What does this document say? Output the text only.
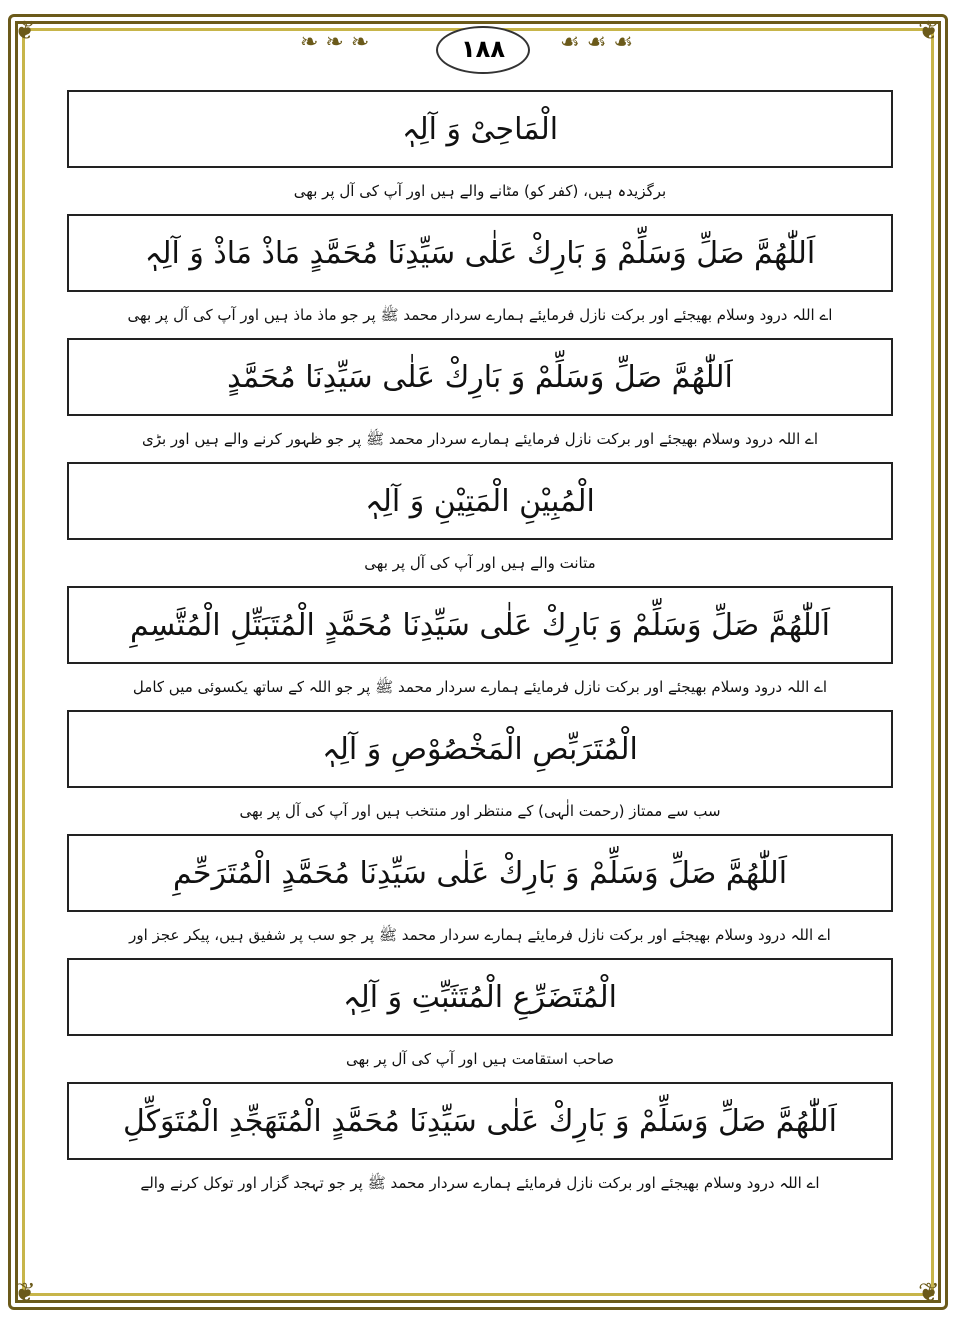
❦	❦
❦	❦
❧ ❧ ❧	☙ ☙ ☙
۱۸۸
الْمَاحِیْ وَ آلِہٖ
برگزیدہ ہیں، (کفر کو) مٹانے والے ہیں اور آپ کی آل پر بھی
اَللّٰھُمَّ صَلِّ وَسَلِّمْ وَ بَارِكْ عَلٰی سَیِّدِنَا مُحَمَّدٍ مَاذْ مَاذْ وَ آلِہٖ
اے اللہ درود وسلام بھیجئے اور برکت نازل فرمایئے ہمارے سردار محمد ﷺ پر جو ماذ ماذ ہیں اور آپ کی آل پر بھی
اَللّٰھُمَّ صَلِّ وَسَلِّمْ وَ بَارِكْ عَلٰی سَیِّدِنَا مُحَمَّدٍ
اے اللہ درود وسلام بھیجئے اور برکت نازل فرمایئے ہمارے سردار محمد ﷺ پر جو ظہور کرنے والے ہیں اور بڑی
الْمُبِیْنِ الْمَتِیْنِ وَ آلِہٖ
متانت والے ہیں اور آپ کی آل پر بھی
اَللّٰھُمَّ صَلِّ وَسَلِّمْ وَ بَارِكْ عَلٰی سَیِّدِنَا مُحَمَّدٍ الْمُتَبَتِّلِ الْمُتَّسِمِ
اے اللہ درود وسلام بھیجئے اور برکت نازل فرمایئے ہمارے سردار محمد ﷺ پر جو اللہ کے ساتھ یکسوئی میں کامل
الْمُتَرَبِّصِ الْمَخْصُوْصِ وَ آلِہٖ
سب سے ممتاز (رحمت الٰہی) کے منتظر اور منتخب ہیں اور آپ کی آل پر بھی
اَللّٰھُمَّ صَلِّ وَسَلِّمْ وَ بَارِكْ عَلٰی سَیِّدِنَا مُحَمَّدٍ الْمُتَرَحِّمِ
اے اللہ درود وسلام بھیجئے اور برکت نازل فرمایئے ہمارے سردار محمد ﷺ پر جو سب پر شفیق ہیں، پیکر عجز اور
الْمُتَضَرِّعِ الْمُتَثَبِّتِ وَ آلِہٖ
صاحب استقامت ہیں اور آپ کی آل پر بھی
اَللّٰھُمَّ صَلِّ وَسَلِّمْ وَ بَارِكْ عَلٰی سَیِّدِنَا مُحَمَّدٍ الْمُتَھَجِّدِ الْمُتَوَكِّلِ
اے اللہ درود وسلام بھیجئے اور برکت نازل فرمایئے ہمارے سردار محمد ﷺ پر جو تہجد گزار اور توکل کرنے والے
